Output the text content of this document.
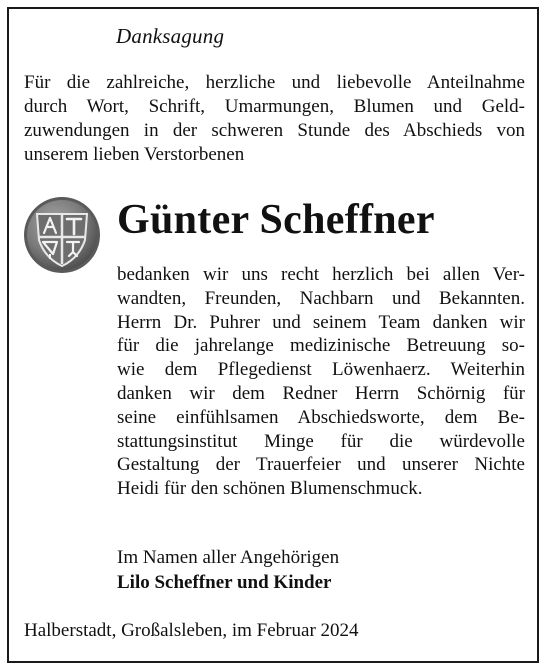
Danksagung
Für die zahlreiche, herzliche und liebevolle Anteilnahme
durch Wort, Schrift, Umarmungen, Blumen und Geld-
zuwendungen in der schweren Stunde des Abschieds von
unserem lieben Verstorbenen
Günter Scheffner
bedanken wir uns recht herzlich bei allen Ver-
wandten, Freunden, Nachbarn und Bekannten.
Herrn Dr. Puhrer und seinem Team danken wir
für die jahrelange medizinische Betreuung so-
wie dem Pflegedienst Löwenhaerz. Weiterhin
danken wir dem Redner Herrn Schörnig für
seine einfühlsamen Abschiedsworte, dem Be-
stattungsinstitut Minge für die würdevolle
Gestaltung der Trauerfeier und unserer Nichte
Heidi für den schönen Blumenschmuck.
Im Namen aller Angehörigen
Lilo Scheffner und Kinder
Halberstadt, Großalsleben, im Februar 2024
